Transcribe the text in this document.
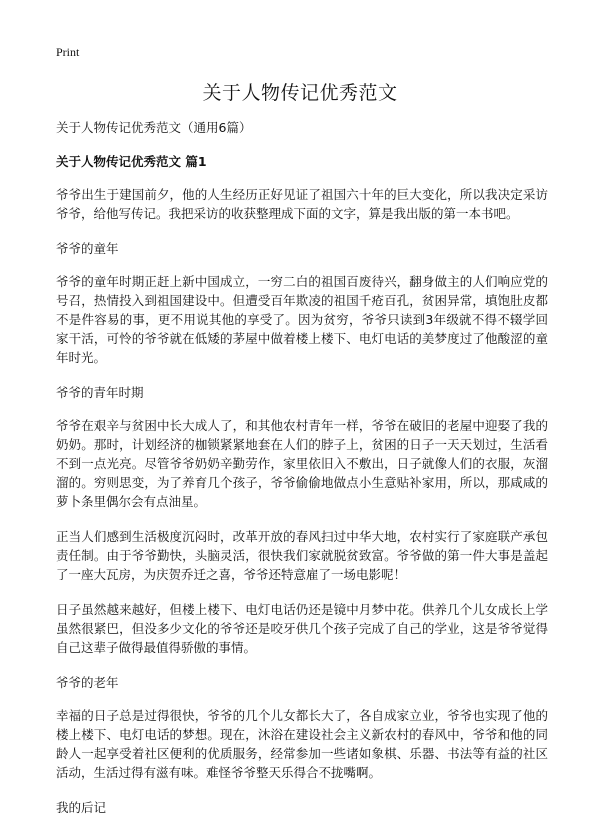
Print
关于人物传记优秀范文

关于人物传记优秀范文（通用6篇）

关于人物传记优秀范文 篇1

爷爷出生于建国前夕，他的人生经历正好见证了祖国六十年的巨大变化，所以我决定采访爷爷，给他写传记。我把采访的收获整理成下面的文字，算是我出版的第一本书吧。

爷爷的童年

爷爷的童年时期正赶上新中国成立，一穷二白的祖国百废待兴，翻身做主的人们响应党的号召，热情投入到祖国建设中。但遭受百年欺凌的祖国千疮百孔，贫困异常，填饱肚皮都不是件容易的事，更不用说其他的享受了。因为贫穷，爷爷只读到3年级就不得不辍学回家干活，可怜的爷爷就在低矮的茅屋中做着楼上楼下、电灯电话的美梦度过了他酸涩的童年时光。

爷爷的青年时期

爷爷在艰辛与贫困中长大成人了，和其他农村青年一样，爷爷在破旧的老屋中迎娶了我的奶奶。那时，计划经济的枷锁紧紧地套在人们的脖子上，贫困的日子一天天划过，生活看不到一点光亮。尽管爷爷奶奶辛勤劳作，家里依旧入不敷出，日子就像人们的衣服，灰溜溜的。穷则思变，为了养育几个孩子，爷爷偷偷地做点小生意贴补家用，所以，那咸咸的萝卜条里偶尔会有点油星。

正当人们感到生活极度沉闷时，改革开放的春风扫过中华大地，农村实行了家庭联产承包责任制。由于爷爷勤快，头脑灵活，很快我们家就脱贫致富。爷爷做的第一件大事是盖起了一座大瓦房，为庆贺乔迁之喜，爷爷还特意雇了一场电影呢！

日子虽然越来越好，但楼上楼下、电灯电话仍还是镜中月梦中花。供养几个儿女成长上学虽然很紧巴，但没多少文化的爷爷还是咬牙供几个孩子完成了自己的学业，这是爷爷觉得自己这辈子做得最值得骄傲的事情。

爷爷的老年

幸福的日子总是过得很快，爷爷的几个儿女都长大了，各自成家立业，爷爷也实现了他的楼上楼下、电灯电话的梦想。现在，沐浴在建设社会主义新农村的春风中，爷爷和他的同龄人一起享受着社区便利的优质服务，经常参加一些诸如象棋、乐器、书法等有益的社区活动，生活过得有滋有味。难怪爷爷整天乐得合不拢嘴啊。

我的后记
